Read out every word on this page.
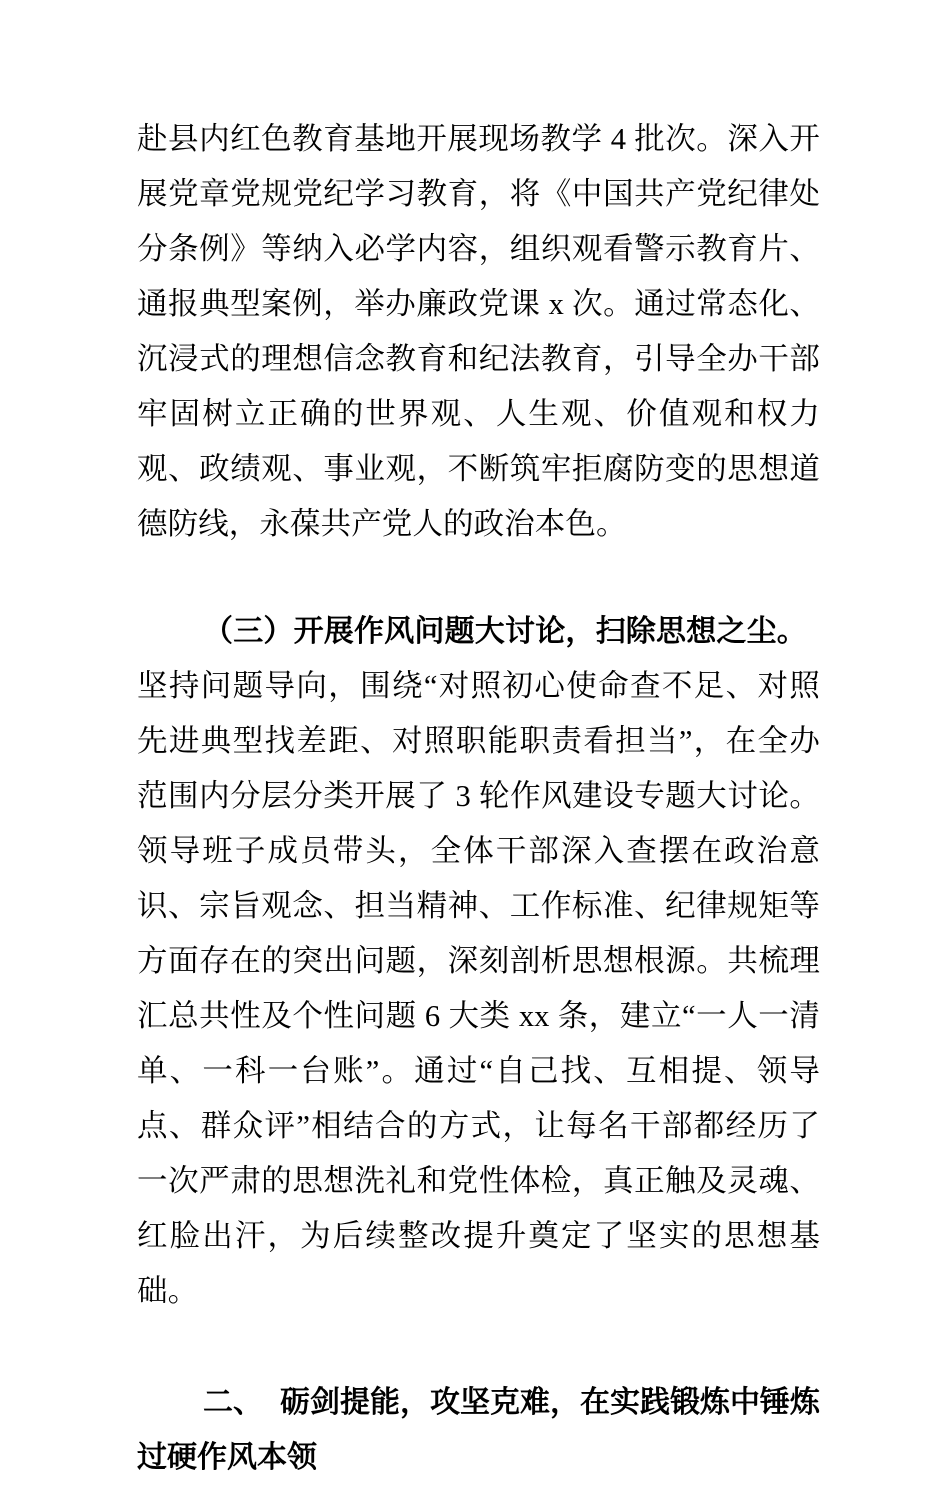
赴县内红色教育基地开展现场教学 4 批次。深入开展党章党规党纪学习教育，将《中国共产党纪律处分条例》等纳入必学内容，组织观看警示教育片、通报典型案例，举办廉政党课 x 次。通过常态化、沉浸式的理想信念教育和纪法教育，引导全办干部牢固树立正确的世界观、人生观、价值观和权力观、政绩观、事业观，不断筑牢拒腐防变的思想道德防线，永葆共产党人的政治本色。

（三）开展作风问题大讨论，扫除思想之尘。坚持问题导向，围绕“对照初心使命查不足、对照先进典型找差距、对照职能职责看担当”，在全办范围内分层分类开展了 3 轮作风建设专题大讨论。领导班子成员带头，全体干部深入查摆在政治意识、宗旨观念、担当精神、工作标准、纪律规矩等方面存在的突出问题，深刻剖析思想根源。共梳理汇总共性及个性问题 6 大类 xx 条，建立“一人一清单、一科一台账”。通过“自己找、互相提、领导点、群众评”相结合的方式，让每名干部都经历了一次严肃的思想洗礼和党性体检，真正触及灵魂、红脸出汗，为后续整改提升奠定了坚实的思想基础。

二、 砺剑提能，攻坚克难，在实践锻炼中锤炼过硬作风本领
